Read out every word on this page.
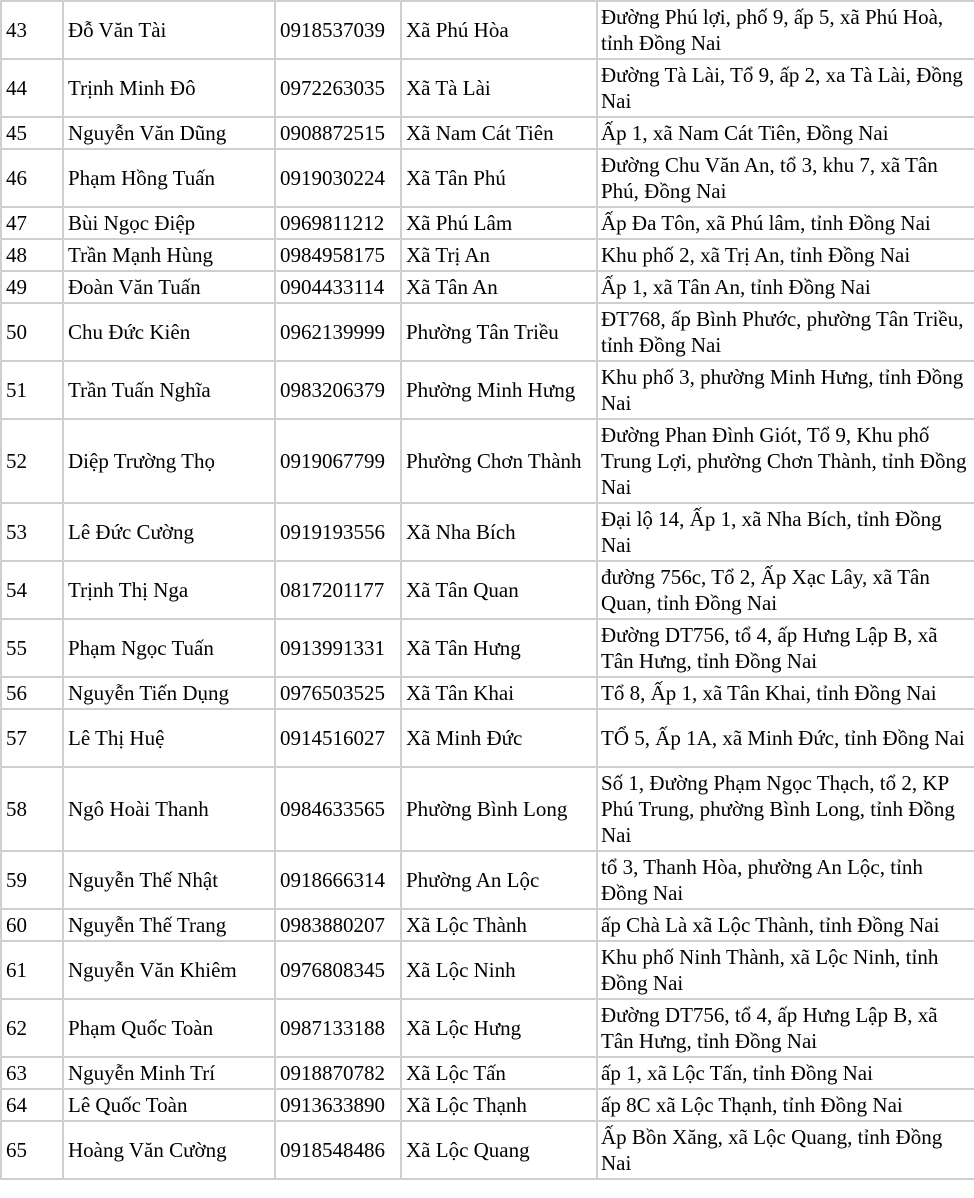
43	Đỗ Văn Tài	0918537039	Xã Phú Hòa	Đường Phú lợi, phố 9, ấp 5, xã Phú Hoà, tỉnh Đồng Nai
44	Trịnh Minh Đô	0972263035	Xã Tà Lài	Đường Tà Lài, Tổ 9, ấp 2, xa Tà Lài, Đồng Nai
45	Nguyễn Văn Dũng	0908872515	Xã Nam Cát Tiên	Ấp 1, xã Nam Cát Tiên, Đồng Nai
46	Phạm Hồng Tuấn	0919030224	Xã Tân Phú	Đường Chu Văn An, tổ 3, khu 7, xã Tân Phú, Đồng Nai
47	Bùi Ngọc Điệp	0969811212	Xã Phú Lâm	Ấp Đa Tôn, xã Phú lâm, tỉnh Đồng Nai
48	Trần Mạnh Hùng	0984958175	Xã Trị An	Khu phố 2, xã Trị An, tỉnh Đồng Nai
49	Đoàn Văn Tuấn	0904433114	Xã Tân An	Ấp 1, xã Tân An, tỉnh Đồng Nai
50	Chu Đức Kiên	0962139999	Phường Tân Triều	ĐT768, ấp Bình Phước, phường Tân Triều, tỉnh Đồng Nai
51	Trần Tuấn Nghĩa	0983206379	Phường Minh Hưng	Khu phố 3, phường Minh Hưng, tỉnh Đồng Nai
52	Diệp Trường Thọ	0919067799	Phường Chơn Thành	Đường Phan Đình Giót, Tổ 9, Khu phố Trung Lợi, phường Chơn Thành, tỉnh Đồng Nai
53	Lê Đức Cường	0919193556	Xã Nha Bích	Đại lộ 14, Ấp 1, xã Nha Bích, tỉnh Đồng Nai
54	Trịnh Thị Nga	0817201177	Xã Tân Quan	đường 756c, Tổ 2, Ấp Xạc Lây, xã Tân Quan, tỉnh Đồng Nai
55	Phạm Ngọc Tuấn	0913991331	Xã Tân Hưng	Đường DT756, tổ 4, ấp Hưng Lập B, xã Tân Hưng, tỉnh Đồng Nai
56	Nguyễn Tiến Dụng	0976503525	Xã Tân Khai	Tổ 8, Ấp 1, xã Tân Khai, tỉnh Đồng Nai
57	Lê Thị Huệ	0914516027	Xã Minh Đức	TỔ 5, Ấp 1A, xã Minh Đức, tỉnh Đồng Nai
58	Ngô Hoài Thanh	0984633565	Phường Bình Long	Số 1, Đường Phạm Ngọc Thạch, tổ 2, KP Phú Trung, phường Bình Long, tỉnh Đồng Nai
59	Nguyễn Thế Nhật	0918666314	Phường An Lộc	tổ 3, Thanh Hòa, phường An Lộc, tỉnh Đồng Nai
60	Nguyễn Thế Trang	0983880207	Xã Lộc Thành	ấp Chà Là xã Lộc Thành, tỉnh Đồng Nai
61	Nguyễn Văn Khiêm	0976808345	Xã Lộc Ninh	Khu phố Ninh Thành, xã Lộc Ninh, tỉnh Đồng Nai
62	Phạm Quốc Toàn	0987133188	Xã Lộc Hưng	Đường DT756, tổ 4, ấp Hưng Lập B, xã Tân Hưng, tỉnh Đồng Nai
63	Nguyễn Minh Trí	0918870782	Xã Lộc Tấn	ấp 1, xã Lộc Tấn, tỉnh Đồng Nai
64	Lê Quốc Toàn	0913633890	Xã Lộc Thạnh	ấp 8C xã Lộc Thạnh, tỉnh Đồng Nai
65	Hoàng Văn Cường	0918548486	Xã Lộc Quang	Ấp Bồn Xăng, xã Lộc Quang, tỉnh Đồng Nai
